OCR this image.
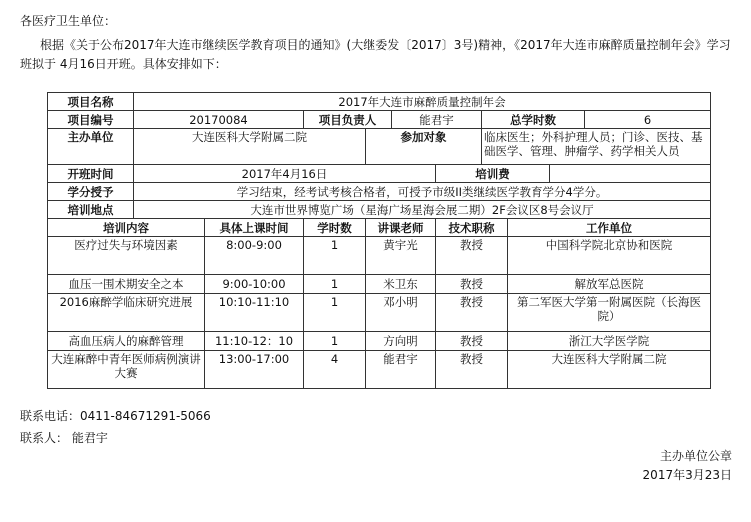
各医疗卫生单位：
根据《关于公布2017年大连市继续医学教育项目的通知》(大继委发〔2017〕3号)精神，《2017年大连市麻醉质量控制年会》学习
班拟于 4月16日开班。具体安排如下：
项目名称	2017年大连市麻醉质量控制年会									
项目编号	20170084		项目负责人		能君宇		总学时数			6
主办单位	大连医科大学附属二院			参加对象			临床医生；外科护理人员；门诊、医技、基础医学、管理、肿瘤学、药学相关人员			
开班时间	2017年4月16日					培训费				
学分授予	学习结束，经考试考核合格者，可授予市级II类继续医学教育学分4学分。									
培训地点	大连市世界博览广场（星海广场星海会展二期）2F会议区8号会议厅									
培训内容		具体上课时间	学时数	讲课老师		技术职称		工作单位		
医疗过失与环境因素		8:00-9:00	1	黄宇光		教授		中国科学院北京协和医院		
血压一围术期安全之本		9:00-10:00	1	米卫东		教授		解放军总医院		
2016麻醉学临床研究进展		10:10-11:10	1	邓小明		教授		第二军医大学第一附属医院（长海医院）		
高血压病人的麻醉管理		11:10-12：10	1	方向明		教授		浙江大学医学院		
大连麻醉中青年医师病例演讲大赛		13:00-17:00	4	能君宇		教授		大连医科大学附属二院		
联系电话：0411-84671291-5066
联系人： 能君宇
主办单位公章
2017年3月23日
